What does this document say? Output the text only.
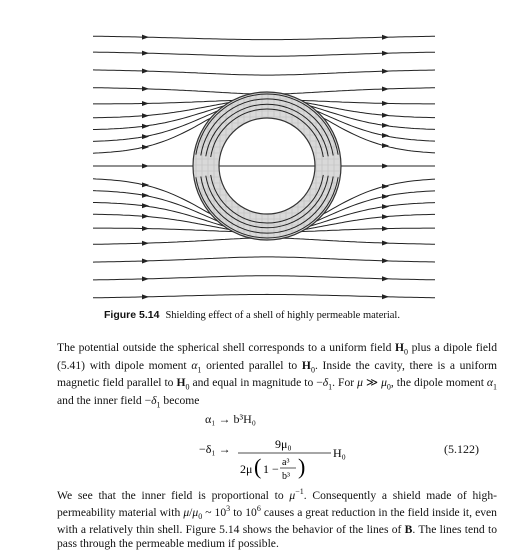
Figure 5.14 Shielding effect of a shell of highly permeable material.
The potential outside the spherical shell corresponds to a uniform field $H_0$ plus a dipole field (5.41) with dipole moment $\alpha_1$ oriented parallel to $H_0$. Inside the cavity, there is a uniform magnetic field parallel to $H_0$ and equal in magnitude to $-\delta_1$. For μ ≫ $\mu_0$, the dipole moment $\alpha_1$ and the inner field $-\delta_1$ become
α₁ → b³H₀
−δ₁ →	9μ₀
2μ ( 1 − a³
b³ )
H₀	(5.122)
We see that the inner field is proportional to $\mu^{-1}$. Consequently a shield made of high-permeability material with $\mu/\mu_0$ ~ $10^3$ to $10^6$ causes a great reduction in the field inside it, even with a relatively thin shell. Figure 5.14 shows the behavior of the lines of B. The lines tend to pass through the permeable medium if possible.
